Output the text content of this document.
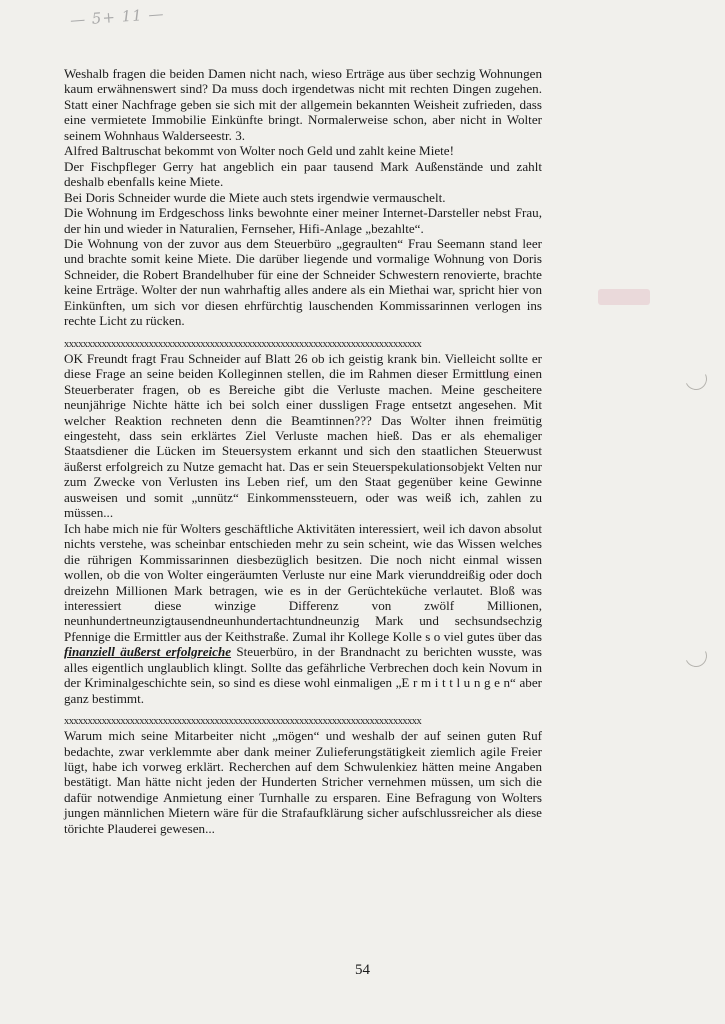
— 5+ 11 —

Weshalb fragen die beiden Damen nicht nach, wieso Erträge aus über sechzig Wohnungen kaum erwähnenswert sind? Da muss doch irgendetwas nicht mit rechten Dingen zugehen. Statt einer Nachfrage geben sie sich mit der allgemein bekannten Weisheit zufrieden, dass eine vermietete Immobilie Einkünfte bringt. Normalerweise schon, aber nicht in Wolter seinem Wohnhaus Walderseestr. 3.

Alfred Baltruschat bekommt von Wolter noch Geld und zahlt keine Miete!

Der Fischpfleger Gerry hat angeblich ein paar tausend Mark Außenstände und zahlt deshalb ebenfalls keine Miete.

Bei Doris Schneider wurde die Miete auch stets irgendwie vermauschelt.

Die Wohnung im Erdgeschoss links bewohnte einer meiner Internet-Darsteller nebst Frau, der hin und wieder in Naturalien, Fernseher, Hifi-Anlage „bezahlte“.

Die Wohnung von der zuvor aus dem Steuerbüro „gegraulten“ Frau Seemann stand leer und brachte somit keine Miete. Die darüber liegende und vormalige Wohnung von Doris Schneider, die Robert Brandelhuber für eine der Schneider Schwestern renovierte, brachte keine Erträge. Wolter der nun wahrhaftig alles andere als ein Miethai war, spricht hier von Einkünften, um sich vor diesen ehrfürchtig lauschenden Kommissarinnen verlogen ins rechte Licht zu rücken.

xxxxxxxxxxxxxxxxxxxxxxxxxxxxxxxxxxxxxxxxxxxxxxxxxxxxxxxxxxxxxxxxxxxxxxxxxxxx

OK Freundt fragt Frau Schneider auf Blatt 26 ob ich geistig krank bin. Vielleicht sollte er diese Frage an seine beiden Kolleginnen stellen, die im Rahmen dieser Ermittlung einen Steuerberater fragen, ob es Bereiche gibt die Verluste machen. Meine gescheitere neunjährige Nichte hätte ich bei solch einer dussligen Frage entsetzt angesehen. Mit welcher Reaktion rechneten denn die Beamtinnen??? Das Wolter ihnen freimütig eingesteht, dass sein erklärtes Ziel Verluste machen hieß. Das er als ehemaliger Staatsdiener die Lücken im Steuersystem erkannt und sich den staatlichen Steuerwust äußerst erfolgreich zu Nutze gemacht hat. Das er sein Steuerspekulationsobjekt Velten nur zum Zwecke von Verlusten ins Leben rief, um den Staat gegenüber keine Gewinne ausweisen und somit „unnütz“ Einkommenssteuern, oder was weiß ich, zahlen zu müssen...

Ich habe mich nie für Wolters geschäftliche Aktivitäten interessiert, weil ich davon absolut nichts verstehe, was scheinbar entschieden mehr zu sein scheint, wie das Wissen welches die rührigen Kommissarinnen diesbezüglich besitzen. Die noch nicht einmal wissen wollen, ob die von Wolter eingeräumten Verluste nur eine Mark vierunddreißig oder doch dreizehn Millionen Mark betragen, wie es in der Gerüchteküche verlautet. Bloß was interessiert diese winzige Differenz von zwölf Millionen, neunhundertneunzigtausendneunhundertachtundneunzig Mark und sechsundsechzig Pfennige die Ermittler aus der Keithstraße. Zumal ihr Kollege Kolle s o viel gutes über das finanziell äußerst erfolgreiche Steuerbüro, in der Brandnacht zu berichten wusste, was alles eigentlich unglaublich klingt. Sollte das gefährliche Verbrechen doch kein Novum in der Kriminalgeschichte sein, so sind es diese wohl einmaligen „E r m i t t l u n g e n“ aber ganz bestimmt.

xxxxxxxxxxxxxxxxxxxxxxxxxxxxxxxxxxxxxxxxxxxxxxxxxxxxxxxxxxxxxxxxxxxxxxxxxxxx

Warum mich seine Mitarbeiter nicht „mögen“ und weshalb der auf seinen guten Ruf bedachte, zwar verklemmte aber dank meiner Zulieferungstätigkeit ziemlich agile Freier lügt, habe ich vorweg erklärt. Recherchen auf dem Schwulenkiez hätten meine Angaben bestätigt. Man hätte nicht jeden der Hunderten Stricher vernehmen müssen, um sich die dafür notwendige Anmietung einer Turnhalle zu ersparen. Eine Befragung von Wolters jungen männlichen Mietern wäre für die Strafaufklärung sicher aufschlussreicher als diese törichte Plauderei gewesen...

54
